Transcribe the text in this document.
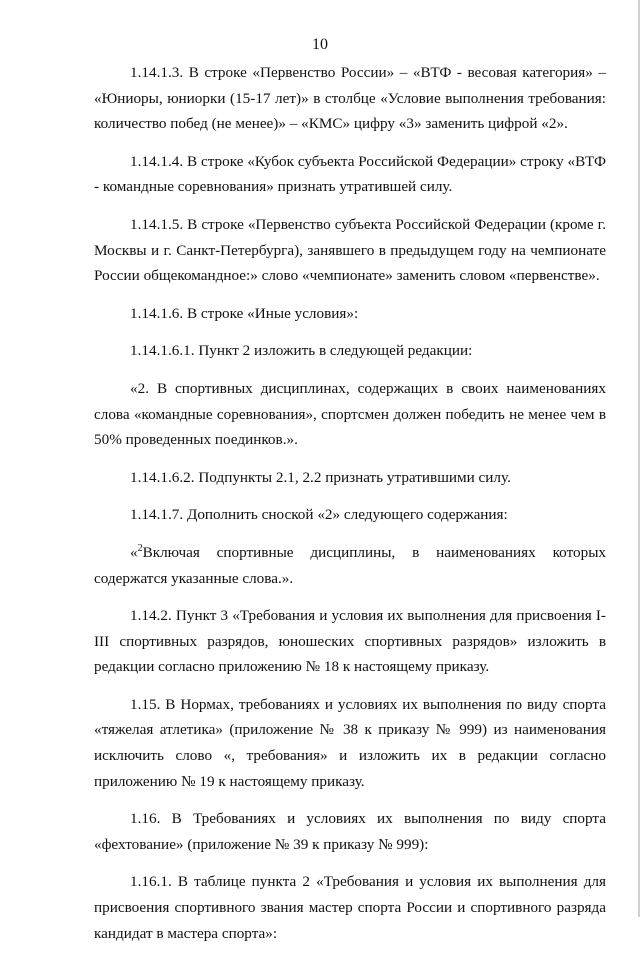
10

1.14.1.3. В строке «Первенство России» – «ВТФ - весовая категория» – «Юниоры, юниорки (15-17 лет)» в столбце «Условие выполнения требования: количество побед (не менее)» – «КМС» цифру «3» заменить цифрой «2».

1.14.1.4. В строке «Кубок субъекта Российской Федерации» строку «ВТФ - командные соревнования» признать утратившей силу.

1.14.1.5. В строке «Первенство субъекта Российской Федерации (кроме г. Москвы и г. Санкт-Петербурга), занявшего в предыдущем году на чемпионате России общекомандное:» слово «чемпионате» заменить словом «первенстве».

1.14.1.6. В строке «Иные условия»:

1.14.1.6.1. Пункт 2 изложить в следующей редакции:

«2. В спортивных дисциплинах, содержащих в своих наименованиях слова «командные соревнования», спортсмен должен победить не менее чем в 50% проведенных поединков.».

1.14.1.6.2. Подпункты 2.1, 2.2 признать утратившими силу.

1.14.1.7. Дополнить сноской «2» следующего содержания:

«$^2$Включая спортивные дисциплины, в наименованиях которых содержатся указанные слова.».

1.14.2. Пункт 3 «Требования и условия их выполнения для присвоения I-III спортивных разрядов, юношеских спортивных разрядов» изложить в редакции согласно приложению № 18 к настоящему приказу.

1.15. В Нормах, требованиях и условиях их выполнения по виду спорта «тяжелая атлетика» (приложение № 38 к приказу № 999) из наименования исключить слово «, требования» и изложить их в редакции согласно приложению № 19 к настоящему приказу.

1.16. В Требованиях и условиях их выполнения по виду спорта «фехтование» (приложение № 39 к приказу № 999):

1.16.1. В таблице пункта 2 «Требования и условия их выполнения для присвоения спортивного звания мастер спорта России и спортивного разряда кандидат в мастера спорта»:
